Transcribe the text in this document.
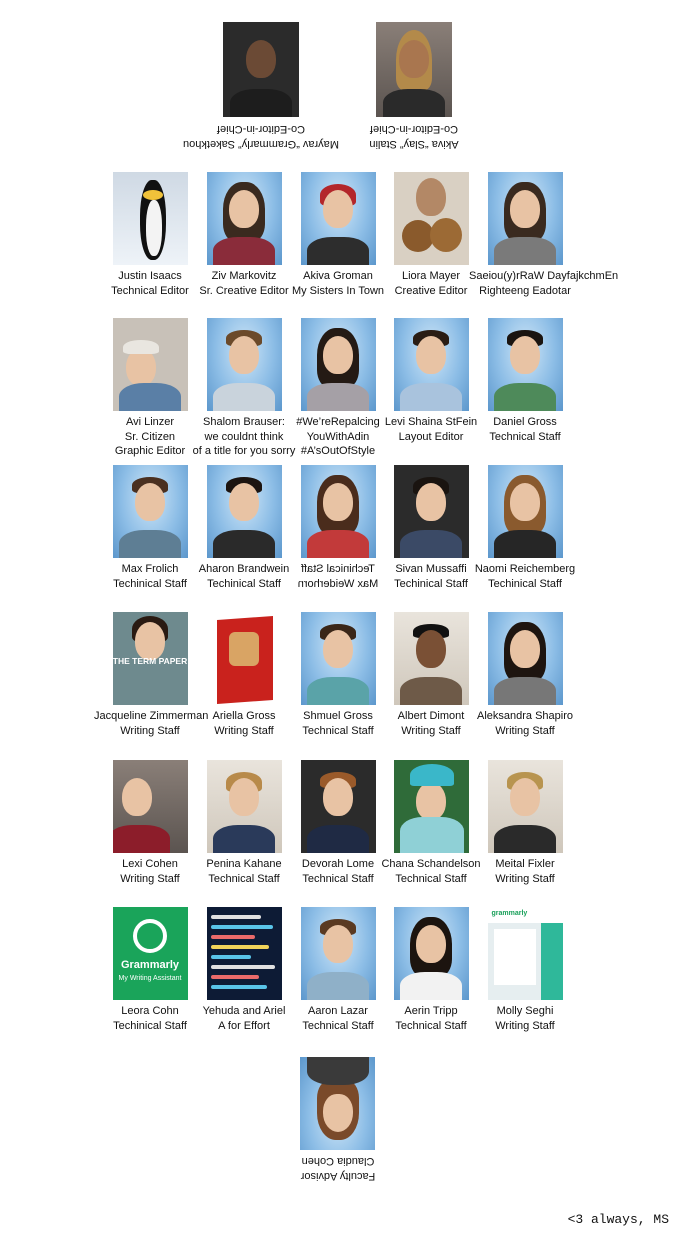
Mayrav “Grammarly” Saketkhou
Co-Editor-in-Chief
Akiva “Slay” Stalin
Co-Editor-in-Chief
Justin Isaacs
Technical Editor
Ziv Markovitz
Sr. Creative Editor
Akiva Groman
My Sisters In Town
Liora Mayer
Creative Editor
Saeiou(y)rRaW DayfajkchmEn
Righteeng Eadotar
Avi Linzer
Sr. Citizen
Graphic Editor
Shalom Brauser:
we couldnt think
of a title for you sorry
#We’reRepalcing
YouWithAdin
#A’sOutOfStyle
Levi Shaina StFein
Layout Editor
Daniel Gross
Technical Staff
Max Frolich
Techinical Staff
Aharon Brandwein
Techinical Staff
Techinical Staff
Max Weiderhorn
Sivan Mussaffi
Techinical Staff
Naomi Reichemberg
Techinical Staff
THE TERM PAPER
Jacqueline Zimmerman
Writing Staff
Ariella Gross
Writing Staff
Shmuel Gross
Technical Staff
Albert Dimont
Writing Staff
Aleksandra Shapiro
Writing Staff
Lexi Cohen
Writing Staff
Penina Kahane
Technical Staff
Devorah Lome
Technical Staff
Chana Schandelson
Technical Staff
Meital Fixler
Writing Staff
Grammarly
My Writing Assistant
Leora Cohn
Techinical Staff
Yehuda and Ariel
A for Effort
Aaron Lazar
Technical Staff
Aerin Tripp
Technical Staff
grammarly
Molly Seghi
Writing Staff
Faculty Advisor
Claudia Cohen
<3 always, MS
